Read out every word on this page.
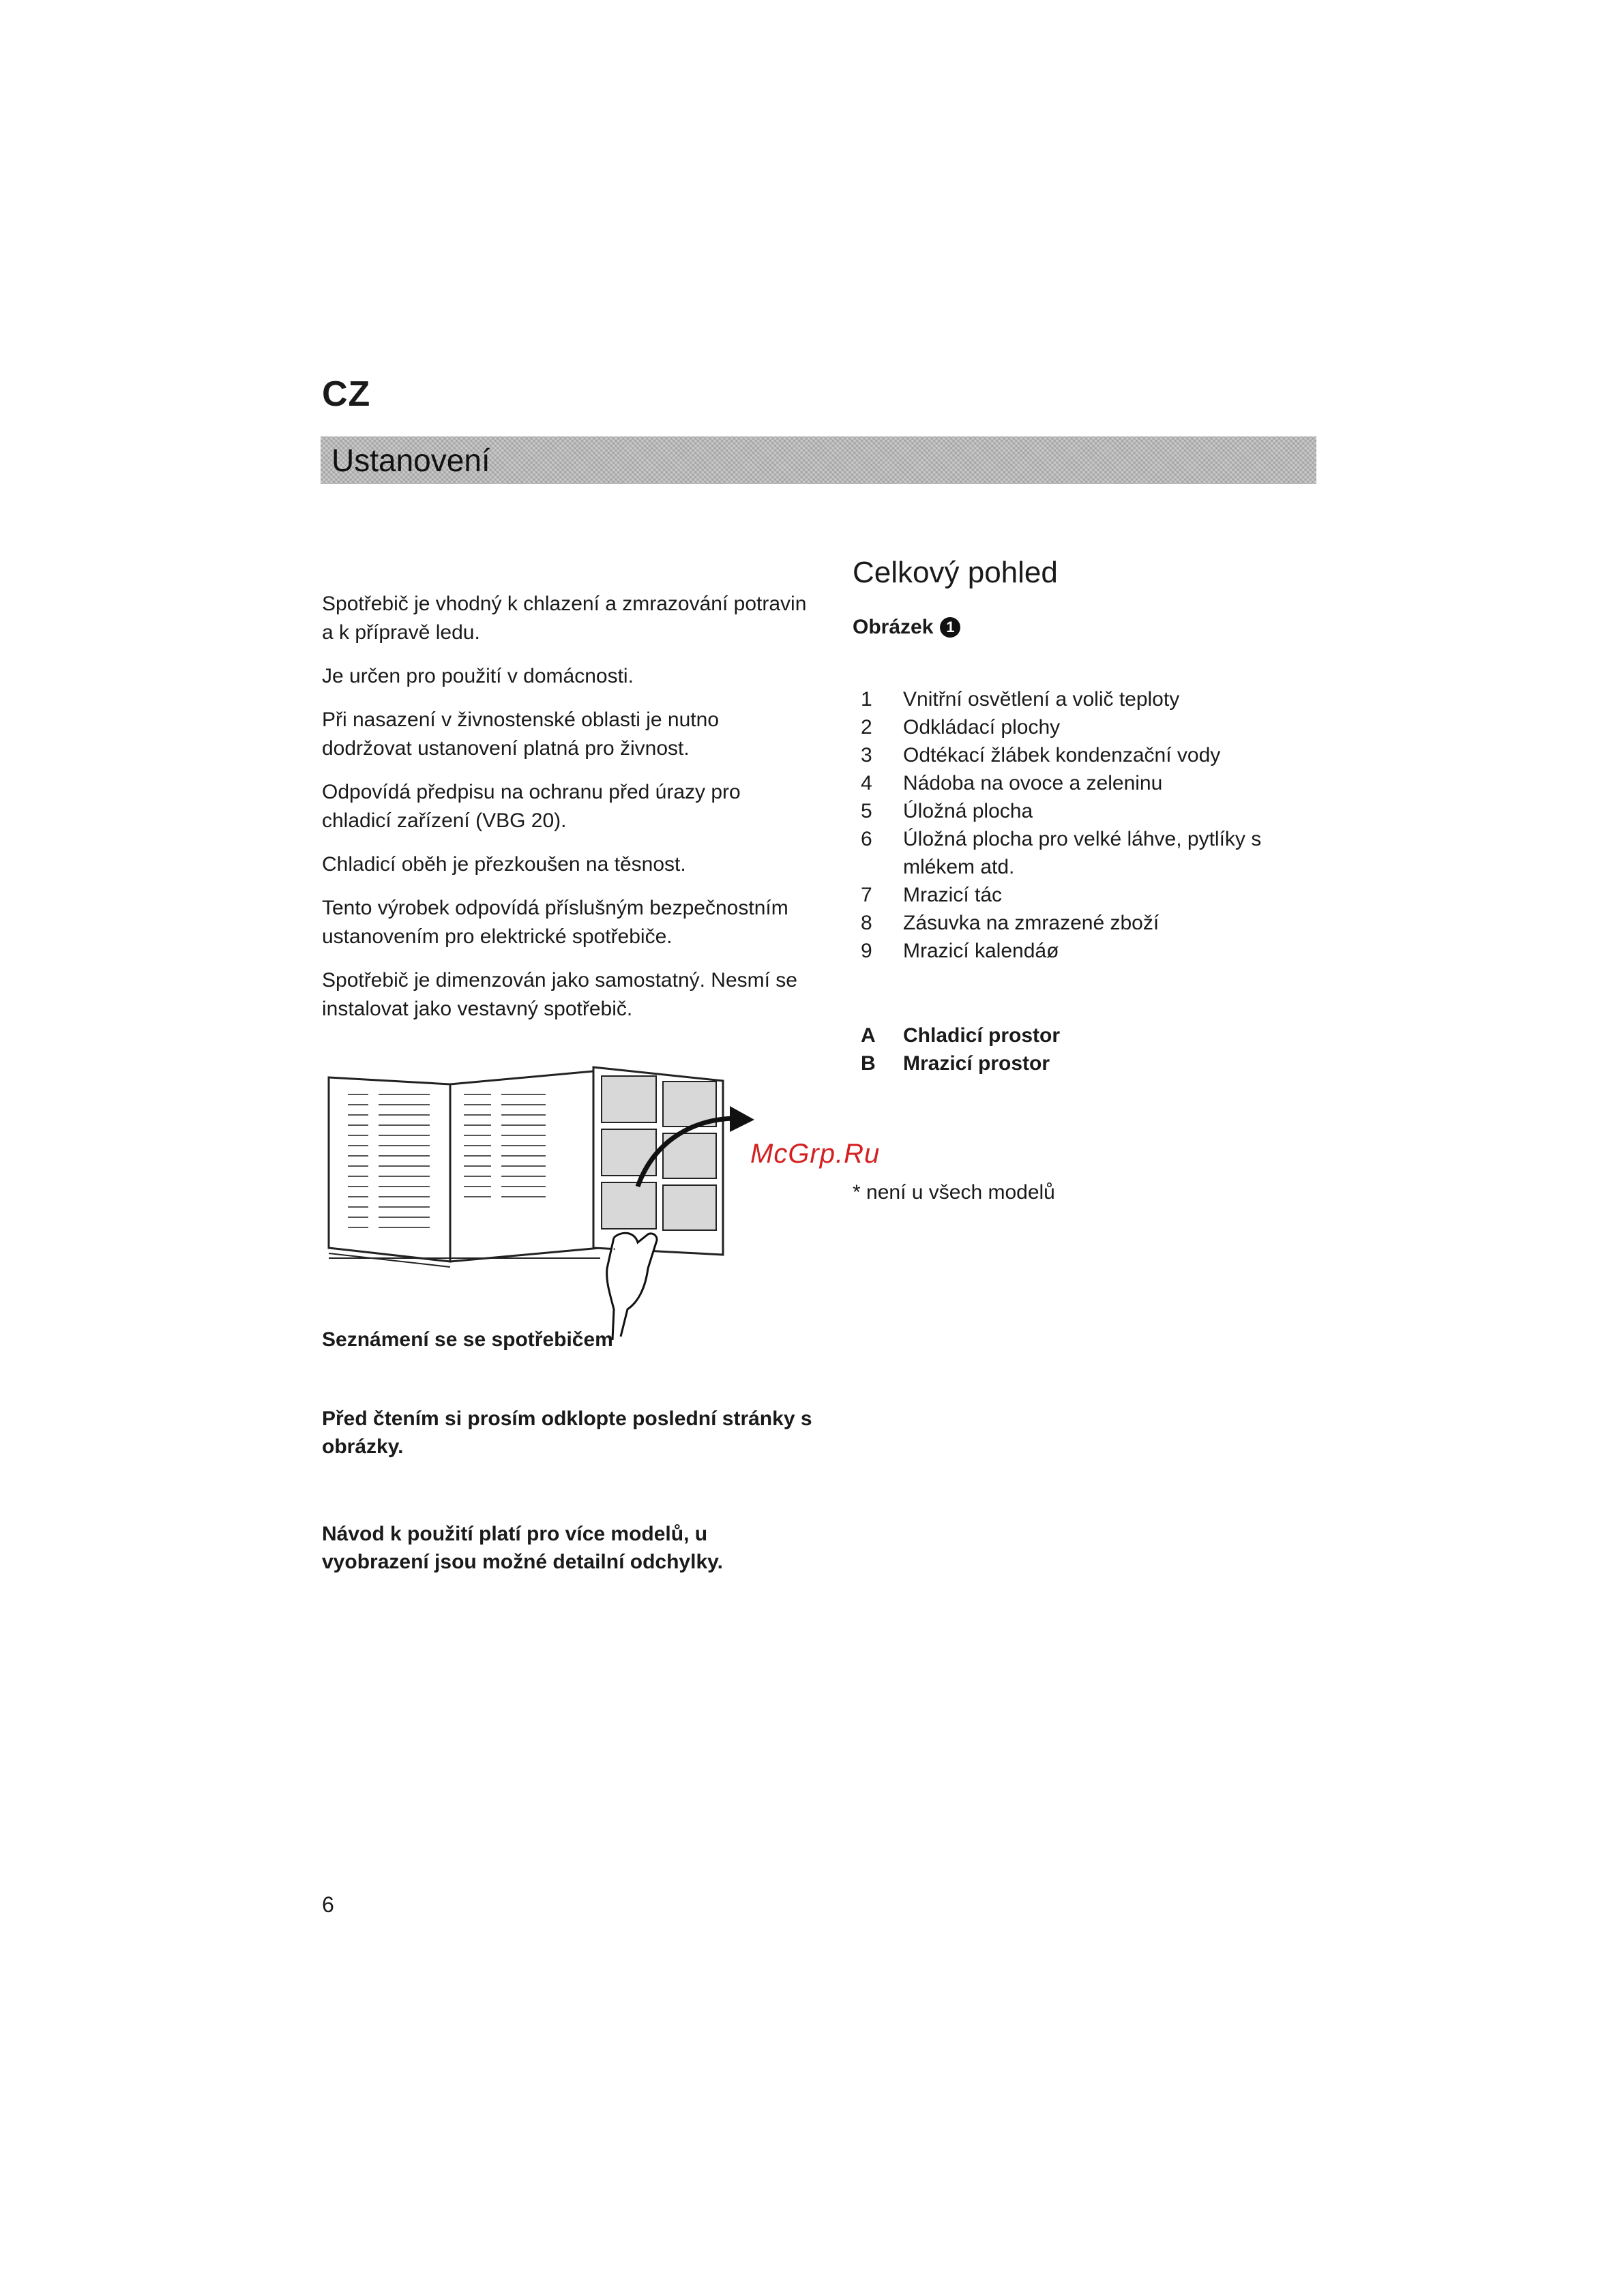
CZ
Ustanovení

Spotřebič je vhodný k chlazení a zmrazování potravin a k přípravě ledu.

Je určen pro použití v domácnosti.

Při nasazení v živnostenské oblasti je nutno dodržovat ustanovení platná pro živnost.

Odpovídá předpisu na ochranu před úrazy pro chladicí zařízení (VBG 20).

Chladicí oběh je přezkoušen na těsnost.

Tento výrobek odpovídá příslušným bezpečnostním ustanovením pro elektrické spotřebiče.

Spotřebič je dimenzován jako samostatný. Nesmí se instalovat jako vestavný spotřebič.

Celkový pohled
Obrázek 1
1	Vnitřní osvětlení a volič teploty
2	Odkládací plochy
3	Odtékací žlábek kondenzační vody
4	Nádoba na ovoce a zeleninu
5	Úložná plocha
6	Úložná plocha pro velké láhve, pytlíky s mlékem atd.
7	Mrazicí tác
8	Zásuvka na zmrazené zboží
9	Mrazicí kalendáø
A	Chladicí prostor
B	Mrazicí prostor
Seznámení se se spotřebičem
Před čtením si prosím odklopte poslední stránky s obrázky.
Návod k použití platí pro více modelů, u vyobrazení jsou možné detailní odchylky.
McGrp.Ru
* není u všech modelů
6
